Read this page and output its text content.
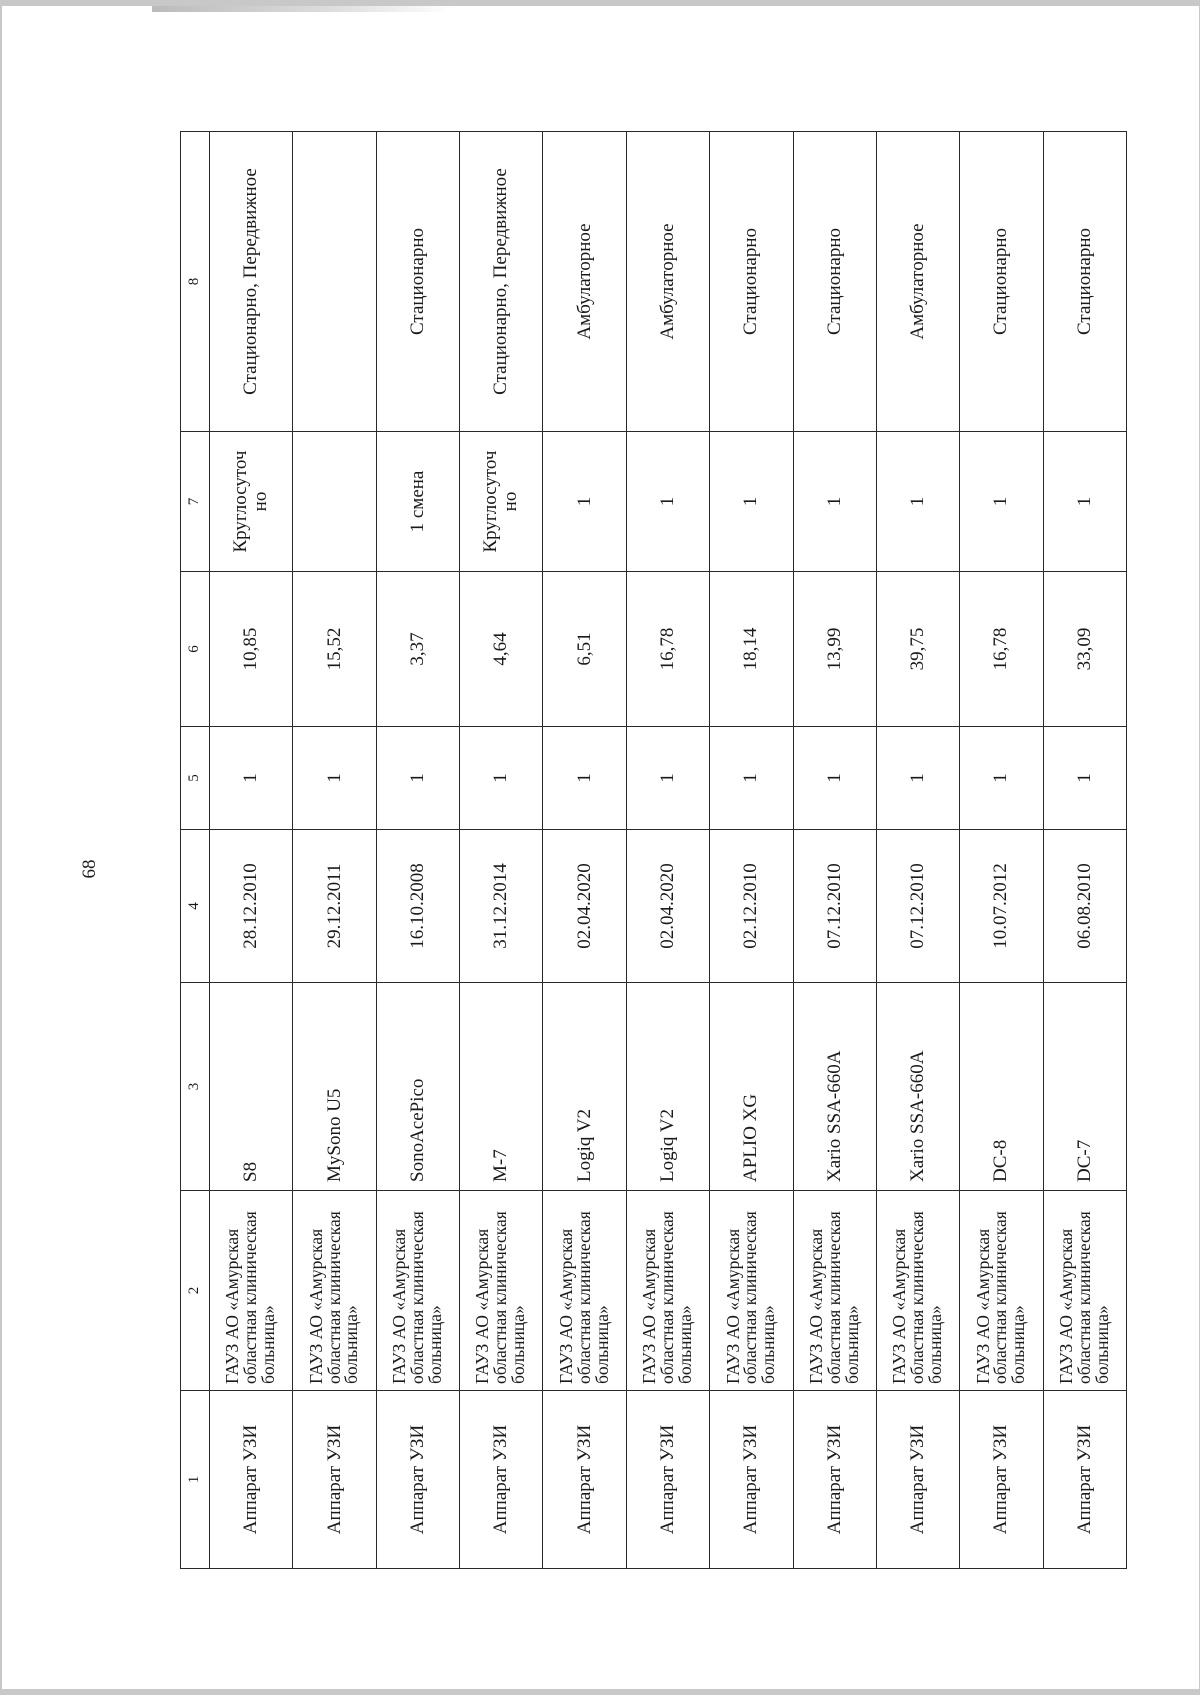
68
1	2	3	4	5	6	7	8
Аппарат УЗИ	ГАУЗ АО «Амурская областная клиническая больница»	S8	28.12.2010	1	10,85	Круглосуточ но	Стационарно, Передвижное
Аппарат УЗИ	ГАУЗ АО «Амурская областная клиническая больница»	MySono U5	29.12.2011	1	15,52		
Аппарат УЗИ	ГАУЗ АО «Амурская областная клиническая больница»	SonoAcePico	16.10.2008	1	3,37	1 смена	Стационарно
Аппарат УЗИ	ГАУЗ АО «Амурская областная клиническая больница»	M-7	31.12.2014	1	4,64	Круглосуточ но	Стационарно, Передвижное
Аппарат УЗИ	ГАУЗ АО «Амурская областная клиническая больница»	Logiq V2	02.04.2020	1	6,51	1	Амбулаторное
Аппарат УЗИ	ГАУЗ АО «Амурская областная клиническая больница»	Logiq V2	02.04.2020	1	16,78	1	Амбулаторное
Аппарат УЗИ	ГАУЗ АО «Амурская областная клиническая больница»	APLIO XG	02.12.2010	1	18,14	1	Стационарно
Аппарат УЗИ	ГАУЗ АО «Амурская областная клиническая больница»	Xario SSA-660A	07.12.2010	1	13,99	1	Стационарно
Аппарат УЗИ	ГАУЗ АО «Амурская областная клиническая больница»	Xario SSA-660A	07.12.2010	1	39,75	1	Амбулаторное
Аппарат УЗИ	ГАУЗ АО «Амурская областная клиническая больница»	DC-8	10.07.2012	1	16,78	1	Стационарно
Аппарат УЗИ	ГАУЗ АО «Амурская областная клиническая больница»	DC-7	06.08.2010	1	33,09	1	Стационарно
